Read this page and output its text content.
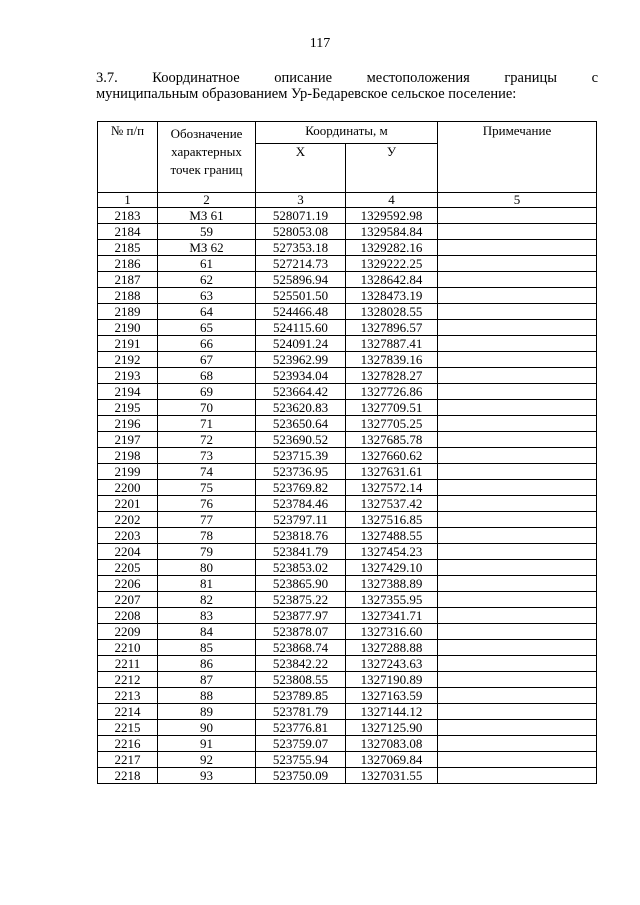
117
3.7. Координатное описание местоположения границы с
муниципальным образованием Ур-Бедаревское сельское поселение:
№ п/п	Обозначение характерных точек границ	Координаты, м		Примечание
		X	У	
1	2	3	4	5
2183	МЗ 61	528071.19	1329592.98	
2184	59	528053.08	1329584.84	
2185	МЗ 62	527353.18	1329282.16	
2186	61	527214.73	1329222.25	
2187	62	525896.94	1328642.84	
2188	63	525501.50	1328473.19	
2189	64	524466.48	1328028.55	
2190	65	524115.60	1327896.57	
2191	66	524091.24	1327887.41	
2192	67	523962.99	1327839.16	
2193	68	523934.04	1327828.27	
2194	69	523664.42	1327726.86	
2195	70	523620.83	1327709.51	
2196	71	523650.64	1327705.25	
2197	72	523690.52	1327685.78	
2198	73	523715.39	1327660.62	
2199	74	523736.95	1327631.61	
2200	75	523769.82	1327572.14	
2201	76	523784.46	1327537.42	
2202	77	523797.11	1327516.85	
2203	78	523818.76	1327488.55	
2204	79	523841.79	1327454.23	
2205	80	523853.02	1327429.10	
2206	81	523865.90	1327388.89	
2207	82	523875.22	1327355.95	
2208	83	523877.97	1327341.71	
2209	84	523878.07	1327316.60	
2210	85	523868.74	1327288.88	
2211	86	523842.22	1327243.63	
2212	87	523808.55	1327190.89	
2213	88	523789.85	1327163.59	
2214	89	523781.79	1327144.12	
2215	90	523776.81	1327125.90	
2216	91	523759.07	1327083.08	
2217	92	523755.94	1327069.84	
2218	93	523750.09	1327031.55	
